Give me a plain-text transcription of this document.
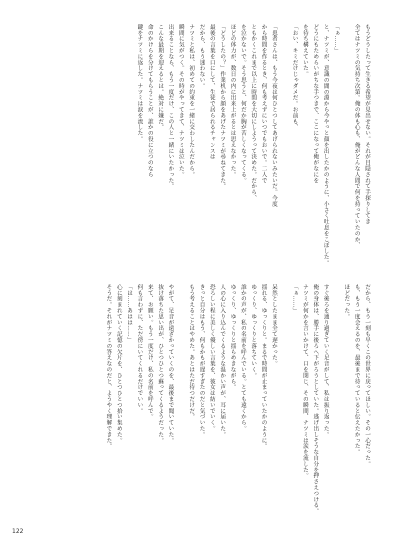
もうどうしたって生きる希望が見出せない。それが目隠されて手探りしてき
全てはナツミの気持ち次第。俺の体も心も、俺がどんな人間で何を持っていたのか、
「ぁ……」
と、ナツミが、意識の闇の淵から今やっと顔を出したかのように、小さく吐息をこぼした。
どうにもためらいがちな手つきで、ここになって俺がなにを
を待ち構えていた。
「おい、キミだけじゃダメだ。お前も、
「患者さんは、もう今夜は何ひとつしてあげられないみたいだ。今度
から時間を作るとき、何も考えずにいつでもおいで。二人で
ともかくこれまで以上に時間を大切にしようって決めた。だから、
を泣かないで。そう思うと、何だか胸が苦しくなってくる。
ほどの体力が、数日の内に出来上がるとは思えなかった。
「どうしたの？」作業机から顔をあげたナツミが尋ねてきた。
最後の言葉を口にして、生徒で居られるチャンスは
だから、もう迷わない。
ナツミと私は、初めての約束を一緒に交わしたんだから。
瞬間に気がつく。その時がやってきて、ナツミは泣いた。
出来ることなら、もう一度だけ、この人と一緒にいたかった。
こんな最期を迎えるとは。絶対に嫌だ。
命のかけらを分けてもらうことが、誰かの役に立つのなら
鍵をナツミに返した。ナツミは涙を流した。
だから、もう一刻も早くこの世界に戻ってほしい。その一心だった。
も、もう一度会えるのを、最後まで待っていると伝えたかった。
ほどだった。
すぐ後ろを通り過ぎていく足音がして、私は振り返った。
俺の身体は、勝手に後ろへ下がろうとしていた。逃げ出しそうな自分を押さえつける。
ナツミが何かを言いかけて、口を閉じ、その瞬間、ナツミは涙を流した。
「ぁ……」
呆然としたまま全て遅かった。
揺れる、ゆっくりと。まるで時間が止まっていたかのように。
ゆっくり、ゆっくりと落ちていく。
誰かの声が、私の名前を呼んでいる。とても遠くから。
ゆっくり、ゆっくりと揺らめきながら。
人の心に入り込んでくるような温かい声が、耳に届いた。
恐ろしい程に美しく優しい言葉を、彼女は紡いでいく。
きっと自分はもう、何もかもが遅すぎたのだと気づいた。
もう考えることはやめた。あとはただ待つだけだ。
やがて、足音が遠ざかっていくのを、最後まで聞いていた。
抜け落ちた思い出が、ひとつひとつ蘇ってくるようだった。
来て、お願い。もう一度だけ、私の名前を呼んで。
何も言わずに、ただ傍にいてくれるだけでいい。
「は……あはは……」
心に刻まれていく記憶の欠片を、ひとつひとつ拾い集めた。
そうだ。それがナツミの答えなのだと、ようやく理解できた。
122
